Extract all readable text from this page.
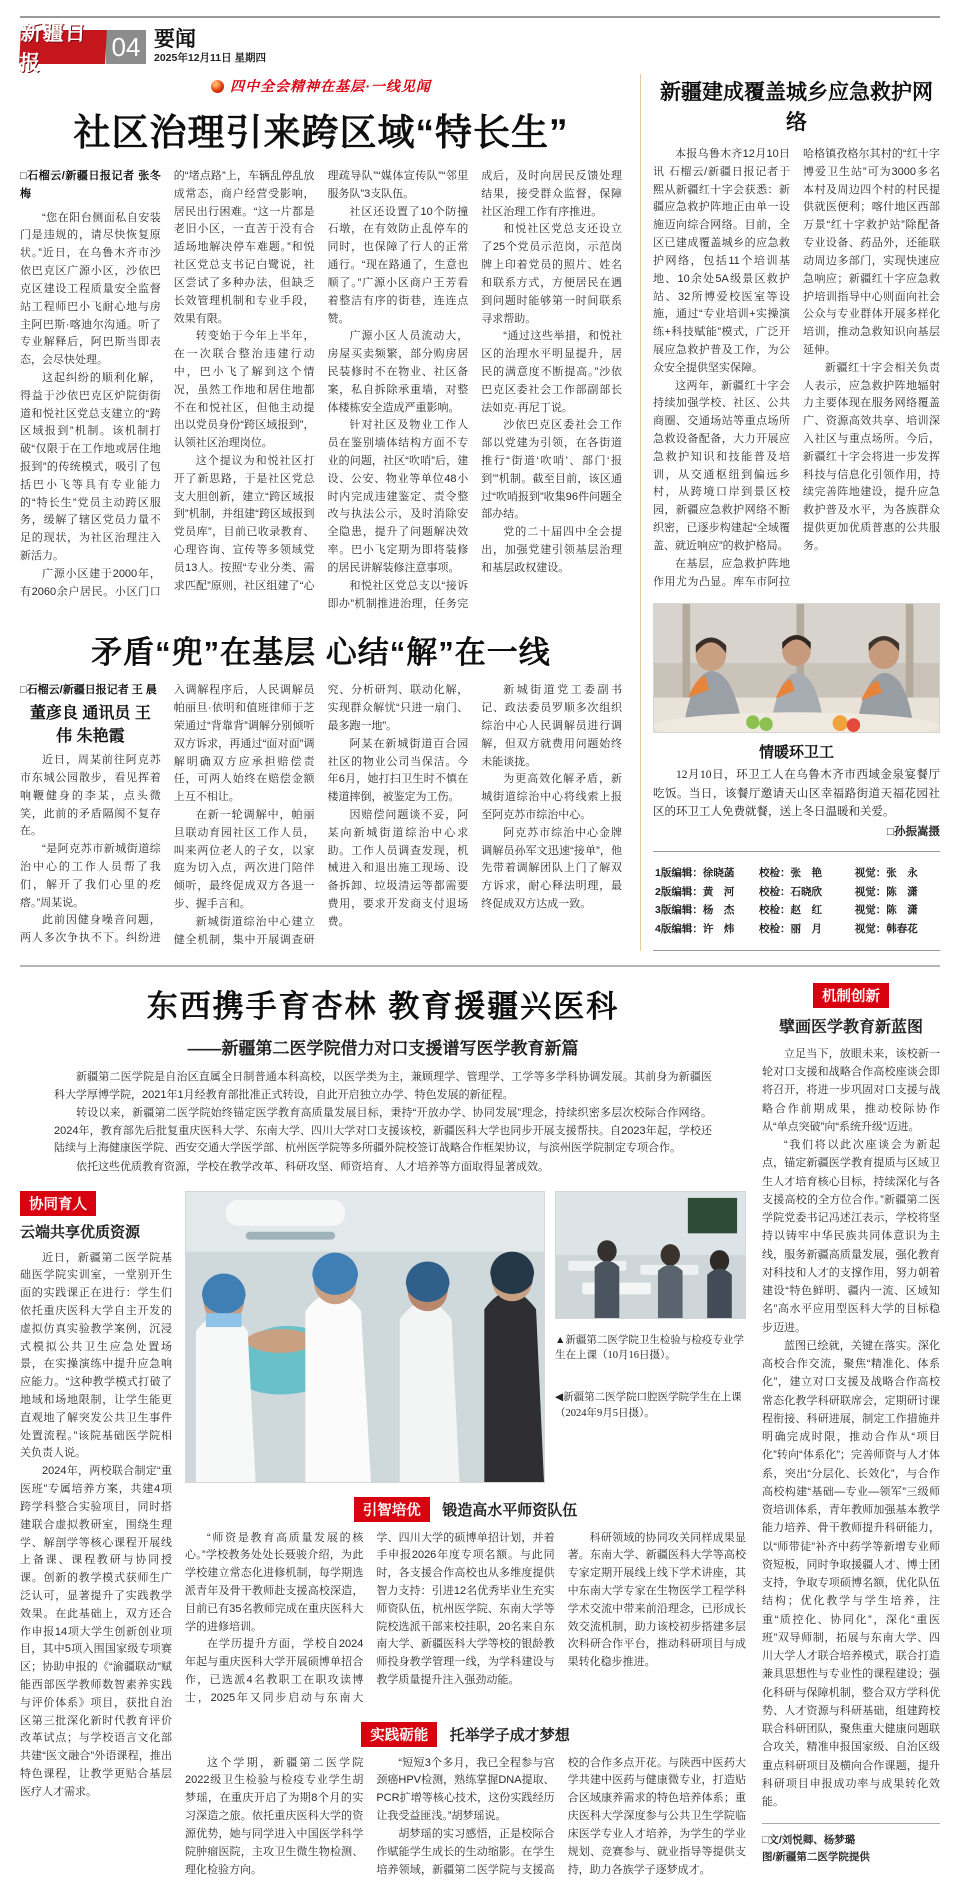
新疆日报
04 要闻
2025年12月11日 星期四
四中全会精神在基层·一线见闻
社区治理引来跨区域“特长生”
□石榴云/新疆日报记者 张冬梅

“您在阳台侧面私自安装门是违规的，请尽快恢复原状。”近日，在乌鲁木齐市沙依巴克区广源小区，沙依巴克区建设工程质量安全监督站工程师巴小飞耐心地与房主阿巴斯·喀迪尔沟通。听了专业解释后，阿巴斯当即表态，会尽快处理。

这起纠纷的顺利化解，得益于沙依巴克区炉院街街道和悦社区党总支建立的“跨区域报到”机制。该机制打破“仅限于在工作地或居住地报到”的传统模式，吸引了包括巴小飞等具有专业能力的“特长生”党员主动跨区服务，缓解了辖区党员力量不足的现状，为社区治理注入新活力。

广源小区建于2000年，有2060余户居民。小区门口的“堵点路”上，车辆乱停乱放成常态，商户经营受影响，居民出行困难。“这一片都是老旧小区，一直苦于没有合适场地解决停车难题。”和悦社区党总支书记白鹭说，社区尝试了多种办法，但缺乏长效管理机制和专业手段，效果有限。

转变始于今年上半年，在一次联合整治违建行动中，巴小飞了解到这个情况，虽然工作地和居住地都不在和悦社区，但他主动提出以党员身份“跨区域报到”，认领社区治理岗位。

这个提议为和悦社区打开了新思路，于是社区党总支大胆创新，建立“跨区域报到”机制，并组建“跨区域报到党员库”，目前已收录教育、心理咨询、宣传等多领域党员13人。按照“专业分类、需求匹配”原则，社区组建了“心理疏导队”“媒体宣传队”“邻里服务队”3支队伍。

社区还设置了10个防撞石墩，在有效防止乱停车的同时，也保障了行人的正常通行。“现在路通了，生意也顺了。”广源小区商户王芳看着整洁有序的街巷，连连点赞。

广源小区人员流动大，房屋买卖频繁，部分购房居民装修时不在物业、社区备案，私自拆除承重墙，对整体楼栋安全造成严重影响。

针对社区及物业工作人员在鉴别墙体结构方面不专业的问题，社区“吹哨”后，建设、公安、物业等单位48小时内完成违建鉴定、责令整改与执法公示，及时消除安全隐患，提升了问题解决效率。巴小飞定期为即将装修的居民讲解装修注意事项。

和悦社区党总支以“接诉即办”机制推进治理，任务完成后，及时向居民反馈处理结果，接受群众监督，保障社区治理工作有序推进。

和悦社区党总支还设立了25个党员示范岗，示范岗牌上印着党员的照片、姓名和联系方式，方便居民在遇到问题时能够第一时间联系寻求帮助。

“通过这些举措，和悦社区的治理水平明显提升，居民的满意度不断提高。”沙依巴克区委社会工作部副部长法如克·再尼丁说。

沙依巴克区委社会工作部以党建为引领，在各街道推行“街道‘吹哨’、部门‘报到’”机制。截至目前，该区通过“吹哨报到”收集96件问题全部办结。

党的二十届四中全会提出，加强党建引领基层治理和基层政权建设。

矛盾“兜”在基层 心结“解”在一线
□石榴云/新疆日报记者 王 晨
董彦良 通讯员 王 伟 朱艳霞

近日，周某前往阿克苏市东城公园散步，看见挥着响鞭健身的李某，点头微笑，此前的矛盾隔阂不复存在。

“是阿克苏市新城街道综治中心的工作人员帮了我们，解开了我们心里的疙瘩。”周某说。

此前因健身噪音问题，两人多次争执不下。纠纷进入调解程序后，人民调解员帕丽旦·依明和值班律师于芝荣通过“背靠背”调解分别倾听双方诉求，再通过“面对面”调解明确双方应承担赔偿责任，可两人始终在赔偿金额上互不相让。

在新一轮调解中，帕丽旦联动育园社区工作人员，叫来两位老人的子女，以家庭为切入点，两次进门陪伴倾听，最终促成双方各退一步、握手言和。

新城街道综治中心建立健全机制，集中开展调查研究、分析研判、联动化解，实现群众解忧“只进一扇门、最多跑一地”。

阿某在新城街道百合园社区的物业公司当保洁。今年6月，她打扫卫生时不慎在楼道摔倒，被鉴定为工伤。

因赔偿问题谈不妥，阿某向新城街道综治中心求助。工作人员调查发现，机械进入和退出施工现场、设备拆卸、垃圾清运等都需要费用，要求开发商支付退场费。

新城街道党工委副书记、政法委员罗顺多次组织综治中心人民调解员进行调解，但双方就费用问题始终未能谈拢。

为更高效化解矛盾，新城街道综治中心将线索上报至阿克苏市综治中心。

阿克苏市综治中心金牌调解员孙军文迅速“接单”，他先带着调解团队上门了解双方诉求，耐心释法明理，最终促成双方达成一致。

新疆建成覆盖城乡应急救护网络

本报乌鲁木齐12月10日讯 石榴云/新疆日报记者于熙从新疆红十字会获悉：新疆应急救护阵地正由单一设施迈向综合网络。目前，全区已建成覆盖城乡的应急救护网络，包括11个培训基地、10余处5A级景区救护站、32所博爱校医室等设施，通过“专业培训+实操演练+科技赋能”模式，广泛开展应急救护普及工作，为公众安全提供坚实保障。

这两年，新疆红十字会持续加强学校、社区、公共商圈、交通场站等重点场所急救设备配备，大力开展应急救护知识和技能普及培训，从交通枢纽到偏远乡村，从跨境口岸到景区校园，新疆应急救护网络不断织密，已逐步构建起“全域覆盖、就近响应”的救护格局。

在基层，应急救护阵地作用尤为凸显。库车市阿拉哈格镇孜格尔其村的“红十字博爱卫生站”可为3000多名本村及周边四个村的村民提供就医便利；喀什地区西部万景“红十字救护站”除配备专业设备、药品外，还能联动周边多部门，实现快速应急响应；新疆红十字应急救护培训指导中心则面向社会公众与专业群体开展多样化培训，推动急救知识向基层延伸。

新疆红十字会相关负责人表示，应急救护阵地辐射力主要体现在服务网络覆盖广、资源高效共享、培训深入社区与重点场所。今后，新疆红十字会将进一步发挥科技与信息化引领作用，持续完善阵地建设，提升应急救护普及水平，为各族群众提供更加优质普惠的公共服务。

情暖环卫工
12月10日，环卫工人在乌鲁木齐市西域金泉宴餐厅吃饭。当日，该餐厅邀请天山区幸福路街道天福花园社区的环卫工人免费就餐，送上冬日温暖和关爱。
□孙振嵩摄
1版编辑：徐晓菡	校检：张　艳	视觉：张　永
2版编辑：黄　河	校检：石晓欣	视觉：陈　潇
3版编辑：杨　杰	校检：赵　红	视觉：陈　潇
4版编辑：许　炜	校检：丽　月	视觉：韩春花
东西携手育杏林 教育援疆兴医科
——新疆第二医学院借力对口支援谱写医学教育新篇

新疆第二医学院是自治区直属全日制普通本科高校，以医学类为主，兼顾理学、管理学、工学等多学科协调发展。其前身为新疆医科大学厚博学院，2021年1月经教育部批准正式转设，自此开启独立办学、特色发展的新征程。

转设以来，新疆第二医学院始终锚定医学教育高质量发展目标，秉持“开放办学、协同发展”理念，持续织密多层次校际合作网络。2024年，教育部先后批复重庆医科大学、东南大学、四川大学对口支援该校，新疆医科大学也同步开展支援帮扶。自2023年起，学校还陆续与上海健康医学院、西安交通大学医学部、杭州医学院等多所疆外院校签订战略合作框架协议，与滨州医学院制定专项合作。

依托这些优质教育资源，学校在教学改革、科研攻坚、师资培育、人才培养等方面取得显著成效。

协同育人
云端共享优质资源

近日，新疆第二医学院基础医学院实训室，一堂别开生面的实践课正在进行：学生们依托重庆医科大学自主开发的虚拟仿真实验教学案例，沉浸式模拟公共卫生应急处置场景，在实操演练中提升应急响应能力。“这种教学模式打破了地域和场地限制，让学生能更直观地了解突发公共卫生事件处置流程。”该院基础医学院相关负责人说。

2024年，两校联合制定“重医班”专属培养方案，共建4项跨学科整合实验项目，同时搭建联合虚拟教研室，围绕生理学、解剖学等核心课程开展线上备课、课程教研与协同授课。创新的教学模式获师生广泛认可，显著提升了实践教学效果。在此基础上，双方还合作申报14项大学生创新创业项目，其中5项入围国家级专项赛区；协助申报的《“渝疆联动”赋能西部医学教师数智素养实践与评价体系》项目，获批自治区第三批深化新时代教育评价改革试点；与学校语言文化部共建“医文融合”外语课程，推出特色课程，让教学更贴合基层医疗人才需求。

▲新疆第二医学院卫生检验与检疫专业学生在上课（10月16日摄）。
◀新疆第二医学院口腔医学院学生在上课（2024年9月5日摄）。
引智培优 锻造高水平师资队伍

“师资是教育高质量发展的核心。”学校教务处处长聂骏介绍，为此学校建立常态化进修机制，每学期选派青年及骨干教师赴支援高校深造，目前已有35名教师完成在重庆医科大学的进修培训。

在学历提升方面，学校自2024年起与重庆医科大学开展硕博单招合作，已选派4名教职工在职攻读博士，2025年又同步启动与东南大学、四川大学的硕博单招计划，并着手申报2026年度专项名额。与此同时，各支援合作高校也从多维度提供智力支持：引进12名优秀毕业生充实师资队伍，杭州医学院、东南大学等院校选派干部来校挂职，20名来自东南大学、新疆医科大学等校的银龄教师投身教学管理一线，为学科建设与教学质量提升注入强劲动能。

科研领域的协同攻关同样成果显著。东南大学、新疆医科大学等高校专家定期开展线上线下学术讲座，其中东南大学专家在生物医学工程学科学术交流中带来前沿理念，已形成长效交流机制，助力该校初步搭建多层次科研合作平台，推动科研项目与成果转化稳步推进。

实践砺能 托举学子成才梦想

这个学期，新疆第二医学院2022级卫生检验与检疫专业学生胡梦瑶，在重庆开启了为期8个月的实习深造之旅。依托重庆医科大学的资源优势，她与同学进入中国医学科学院肿瘤医院，主攻卫生微生物检测、理化检验方向。

“短短3个多月，我已全程参与宫颈癌HPV检测，熟练掌握DNA提取、PCR扩增等核心技术，这份实践经历让我受益匪浅。”胡梦瑶说。

胡梦瑶的实习感悟，正是校际合作赋能学生成长的生动缩影。在学生培养领域，新疆第二医学院与支援高校的合作多点开花。与陕西中医药大学共建中医药与健康微专业，打造贴合区域康养需求的特色培养体系；重庆医科大学深度参与公共卫生学院临床医学专业人才培养，为学生的学业规划、竞赛参与、就业指导等提供支持，助力各族学子逐梦成才。

机制创新
擘画医学教育新蓝图

立足当下，放眼未来，该校新一轮对口支援和战略合作高校座谈会即将召开，将进一步巩固对口支援与战略合作前期成果，推动校际协作从“单点突破”向“系统升级”迈进。

“我们将以此次座谈会为新起点，锚定新疆医学教育提质与区域卫生人才培育核心目标，持续深化与各支援高校的全方位合作。”新疆第二医学院党委书记冯述江表示，学校将坚持以铸牢中华民族共同体意识为主线，服务新疆高质量发展，强化教育对科技和人才的支撑作用，努力朝着建设“特色鲜明、疆内一流、区域知名”高水平应用型医科大学的目标稳步迈进。

蓝图已绘就，关键在落实。深化高校合作交流，聚焦“精准化、体系化”，建立对口支援及战略合作高校常态化教学科研联席会，定期研讨课程衔接、科研进展，制定工作措施并明确完成时限，推动合作从“项目化”转向“体系化”；完善师资与人才体系，突出“分层化、长效化”，与合作高校构建“基础—专业—领军”三级师资培训体系，青年教师加强基本教学能力培养、骨干教师提升科研能力，以“师带徒”补齐中药学等新增专业师资短板，同时争取援疆人才、博士团支持，争取专项硕博名额，优化队伍结构；优化教学与学生培养，注重“质控化、协同化”，深化“重医班”双导师制，拓展与东南大学、四川大学人才联合培养模式，联合打造兼具思想性与专业性的课程建设；强化科研与保障机制，整合双方学科优势、人才资源与科研基础，组建跨校联合科研团队，聚焦重大健康问题联合攻关，精准申报国家级、自治区级重点科研项目及横向合作课题，提升科研项目申报成功率与成果转化效能。

□文/刘悦卿、杨梦璐
图/新疆第二医学院提供
